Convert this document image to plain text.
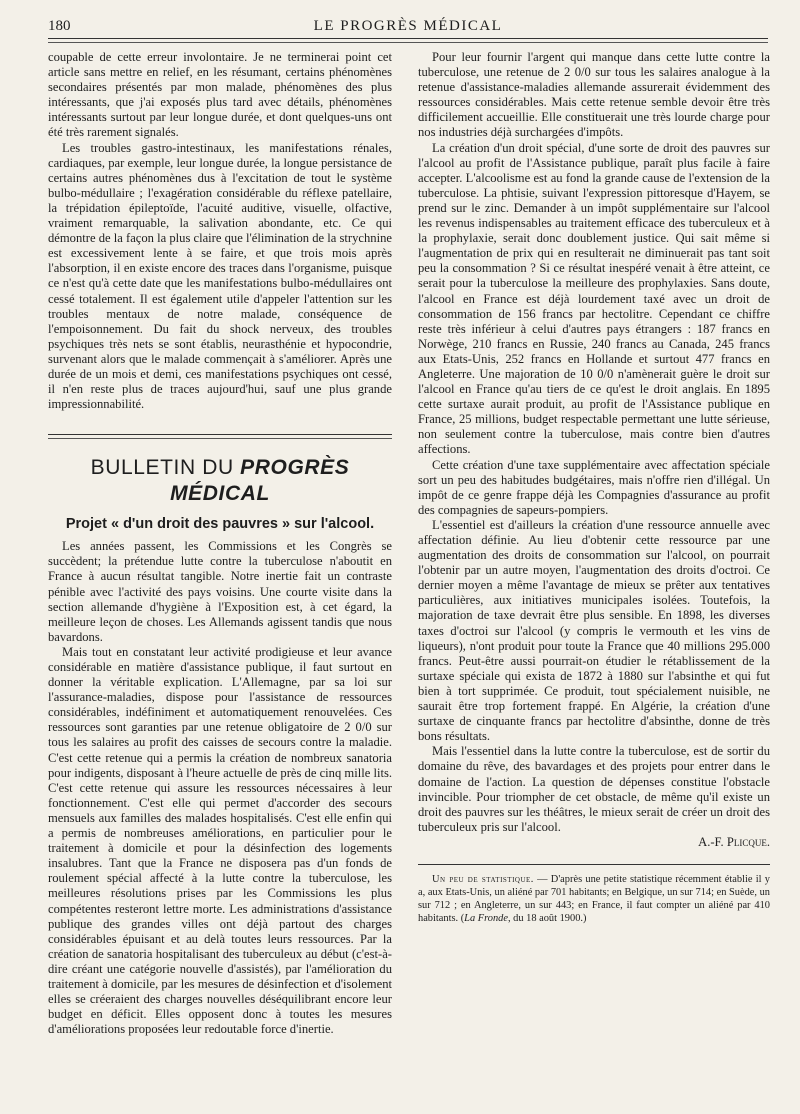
180	LE PROGRÈS MÉDICAL

coupable de cette erreur involontaire. Je ne terminerai point cet article sans mettre en relief, en les résumant, certains phénomènes secondaires présentés par mon malade, phénomènes des plus intéressants, que j'ai exposés plus tard avec détails, phénomènes intéressants surtout par leur longue durée, et dont quelques-uns ont été très rarement signalés.

Les troubles gastro-intestinaux, les manifestations rénales, cardiaques, par exemple, leur longue durée, la longue persistance de certains autres phénomènes dus à l'excitation de tout le système bulbo-médullaire ; l'exagération considérable du réflexe patellaire, la trépidation épileptoïde, l'acuité auditive, visuelle, olfactive, vraiment remarquable, la salivation abondante, etc. Ce qui démontre de la façon la plus claire que l'élimination de la strychnine est excessivement lente à se faire, et que trois mois après l'absorption, il en existe encore des traces dans l'organisme, puisque ce n'est qu'à cette date que les manifestations bulbo-médullaires ont cessé totalement. Il est également utile d'appeler l'attention sur les troubles mentaux de notre malade, conséquence de l'empoisonnement. Du fait du shock nerveux, des troubles psychiques très nets se sont établis, neurasthénie et hypocondrie, survenant alors que le malade commençait à s'améliorer. Après une durée de un mois et demi, ces manifestations psychiques ont cessé, il n'en reste plus de traces aujourd'hui, sauf une plus grande impressionnabilité.

BULLETIN DU PROGRÈS MÉDICAL
Projet « d'un droit des pauvres » sur l'alcool.

Les années passent, les Commissions et les Congrès se succèdent; la prétendue lutte contre la tuberculose n'aboutit en France à aucun résultat tangible. Notre inertie fait un contraste pénible avec l'activité des pays voisins. Une courte visite dans la section allemande d'hygiène à l'Exposition est, à cet égard, la meilleure leçon de choses. Les Allemands agissent tandis que nous bavardons.

Mais tout en constatant leur activité prodigieuse et leur avance considérable en matière d'assistance publique, il faut surtout en donner la véritable explication. L'Allemagne, par sa loi sur l'assurance-maladies, dispose pour l'assistance de ressources considérables, indéfiniment et automatiquement renouvelées. Ces ressources sont garanties par une retenue obligatoire de 2 0/0 sur tous les salaires au profit des caisses de secours contre la maladie. C'est cette retenue qui a permis la création de nombreux sanatoria pour indigents, disposant à l'heure actuelle de près de cinq mille lits. C'est cette retenue qui assure les ressources nécessaires à leur fonctionnement. C'est elle qui permet d'accorder des secours mensuels aux familles des malades hospitalisés. C'est elle enfin qui a permis de nombreuses améliorations, en particulier pour le traitement à domicile et pour la désinfection des logements insalubres. Tant que la France ne disposera pas d'un fonds de roulement spécial affecté à la lutte contre la tuberculose, les meilleures résolutions prises par les Commissions les plus compétentes resteront lettre morte. Les administrations d'assistance publique des grandes villes ont déjà partout des charges considérables épuisant et au delà toutes leurs ressources. Par la création de sanatoria hospitalisant des tuberculeux au début (c'est-à-dire créant une catégorie nouvelle d'assistés), par l'amélioration du traitement à domicile, par les mesures de désinfection et d'isolement elles se créeraient des charges nouvelles déséquilibrant encore leur budget en déficit. Elles opposent donc à toutes les mesures d'améliorations proposées leur redoutable force d'inertie.

Pour leur fournir l'argent qui manque dans cette lutte contre la tuberculose, une retenue de 2 0/0 sur tous les salaires analogue à la retenue d'assistance-maladies allemande assurerait évidemment des ressources considérables. Mais cette retenue semble devoir être très difficilement accueillie. Elle constituerait une très lourde charge pour nos industries déjà surchargées d'impôts.

La création d'un droit spécial, d'une sorte de droit des pauvres sur l'alcool au profit de l'Assistance publique, paraît plus facile à faire accepter. L'alcoolisme est au fond la grande cause de l'extension de la tuberculose. La phtisie, suivant l'expression pittoresque d'Hayem, se prend sur le zinc. Demander à un impôt supplémentaire sur l'alcool les revenus indispensables au traitement efficace des tuberculeux et à la prophylaxie, serait donc doublement justice. Qui sait même si l'augmentation de prix qui en resulterait ne diminuerait pas tant soit peu la consommation ? Si ce résultat inespéré venait à être atteint, ce serait pour la tuberculose la meilleure des prophylaxies. Sans doute, l'alcool en France est déjà lourdement taxé avec un droit de consommation de 156 francs par hectolitre. Cependant ce chiffre reste très inférieur à celui d'autres pays étrangers : 187 francs en Norwège, 210 francs en Russie, 240 francs au Canada, 245 francs aux Etats-Unis, 252 francs en Hollande et surtout 477 francs en Angleterre. Une majoration de 10 0/0 n'amènerait guère le droit sur l'alcool en France qu'au tiers de ce qu'est le droit anglais. En 1895 cette surtaxe aurait produit, au profit de l'Assistance publique en France, 25 millions, budget respectable permettant une lutte sérieuse, non seulement contre la tuberculose, mais contre bien d'autres affections.

Cette création d'une taxe supplémentaire avec affectation spéciale sort un peu des habitudes budgétaires, mais n'offre rien d'illégal. Un impôt de ce genre frappe déjà les Compagnies d'assurance au profit des compagnies de sapeurs-pompiers.

L'essentiel est d'ailleurs la création d'une ressource annuelle avec affectation définie. Au lieu d'obtenir cette ressource par une augmentation des droits de consommation sur l'alcool, on pourrait l'obtenir par un autre moyen, l'augmentation des droits d'octroi. Ce dernier moyen a même l'avantage de mieux se prêter aux tentatives particulières, aux initiatives municipales isolées. Toutefois, la majoration de taxe devrait être plus sensible. En 1898, les diverses taxes d'octroi sur l'alcool (y compris le vermouth et les vins de liqueurs), n'ont produit pour toute la France que 40 millions 295.000 francs. Peut-être aussi pourrait-on étudier le rétablissement de la surtaxe spéciale qui exista de 1872 à 1880 sur l'absinthe et qui fut bien à tort supprimée. Ce produit, tout spécialement nuisible, ne saurait être trop fortement frappé. En Algérie, la création d'une surtaxe de cinquante francs par hectolitre d'absinthe, donne de très bons résultats.

Mais l'essentiel dans la lutte contre la tuberculose, est de sortir du domaine du rêve, des bavardages et des projets pour entrer dans le domaine de l'action. La question de dépenses constitue l'obstacle invincible. Pour triompher de cet obstacle, de même qu'il existe un droit des pauvres sur les théâtres, le mieux serait de créer un droit des tuberculeux pris sur l'alcool.

A.-F. Plicque.

Un peu de statistique. — D'après une petite statistique récemment établie il y a, aux Etats-Unis, un aliéné par 701 habitants; en Belgique, un sur 714; en Suède, un sur 712 ; en Angleterre, un sur 443; en France, il faut compter un aliéné par 410 habitants. (La Fronde, du 18 août 1900.)
